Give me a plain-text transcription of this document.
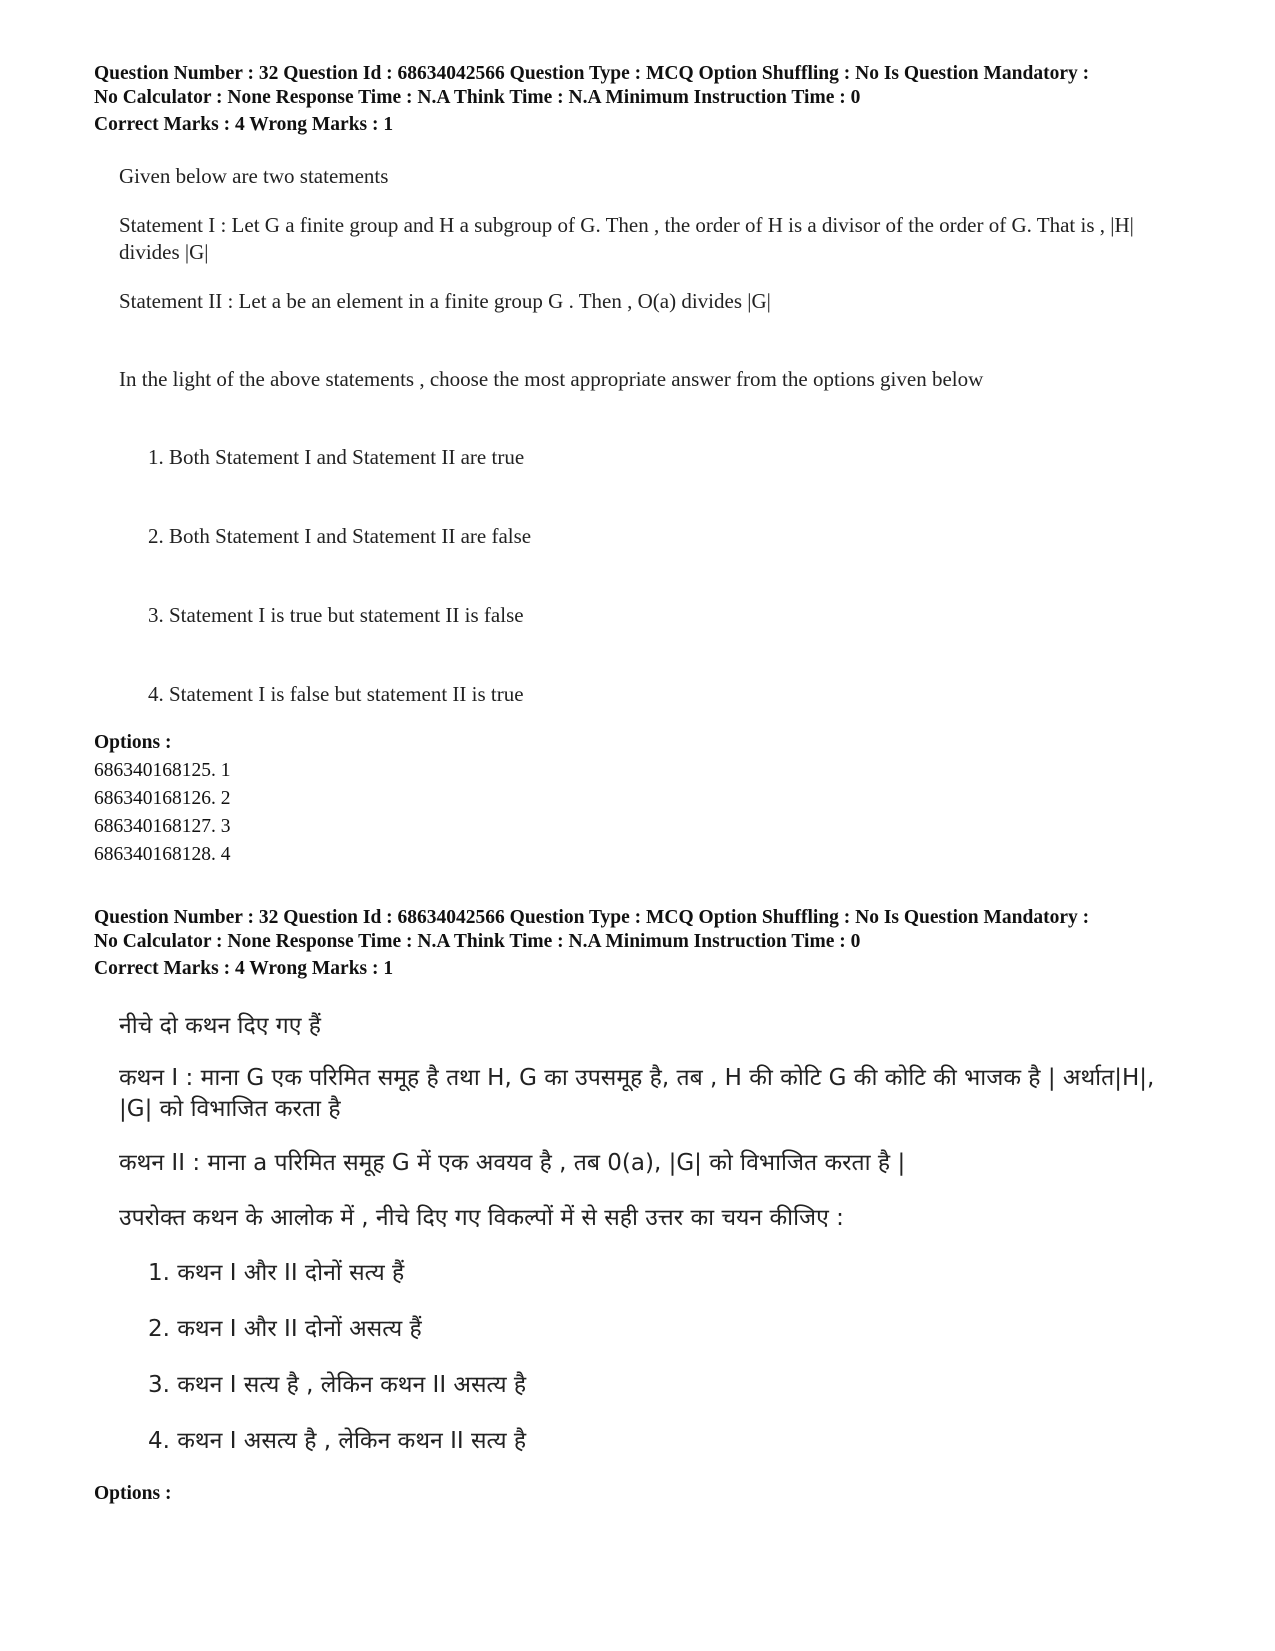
Question Number : 32 Question Id : 68634042566 Question Type : MCQ Option Shuffling : No Is Question Mandatory :
No Calculator : None Response Time : N.A Think Time : N.A Minimum Instruction Time : 0
Correct Marks : 4 Wrong Marks : 1
Given below are two statements
Statement I : Let G a finite group and H a subgroup of G. Then , the order of H is a divisor of the order of G. That is , |H| divides |G|
Statement II : Let a be an element in a finite group G . Then , O(a) divides |G|
In the light of the above statements , choose the most appropriate answer from the options given below
1. Both Statement I and Statement II are true
2. Both Statement I and Statement II are false
3. Statement I is true but statement II is false
4. Statement I is false but statement II is true
Options :
686340168125. 1
686340168126. 2
686340168127. 3
686340168128. 4
Question Number : 32 Question Id : 68634042566 Question Type : MCQ Option Shuffling : No Is Question Mandatory :
No Calculator : None Response Time : N.A Think Time : N.A Minimum Instruction Time : 0
Correct Marks : 4 Wrong Marks : 1
नीचे दो कथन दिए गए हैं
कथन I : माना G एक परिमित समूह है तथा H, G का उपसमूह है, तब , H की कोटि G की कोटि की भाजक है | अर्थात|H|, |G| को विभाजित करता है
कथन II : माना a परिमित समूह G में एक अवयव है , तब 0(a), |G| को विभाजित करता है |
उपरोक्त कथन के आलोक में , नीचे दिए गए विकल्पों में से सही उत्तर का चयन कीजिए :
1. कथन I और II दोनों सत्य हैं
2. कथन I और II दोनों असत्य हैं
3. कथन I सत्य है , लेकिन कथन II असत्य है
4. कथन I असत्य है , लेकिन कथन II सत्य है
Options :
